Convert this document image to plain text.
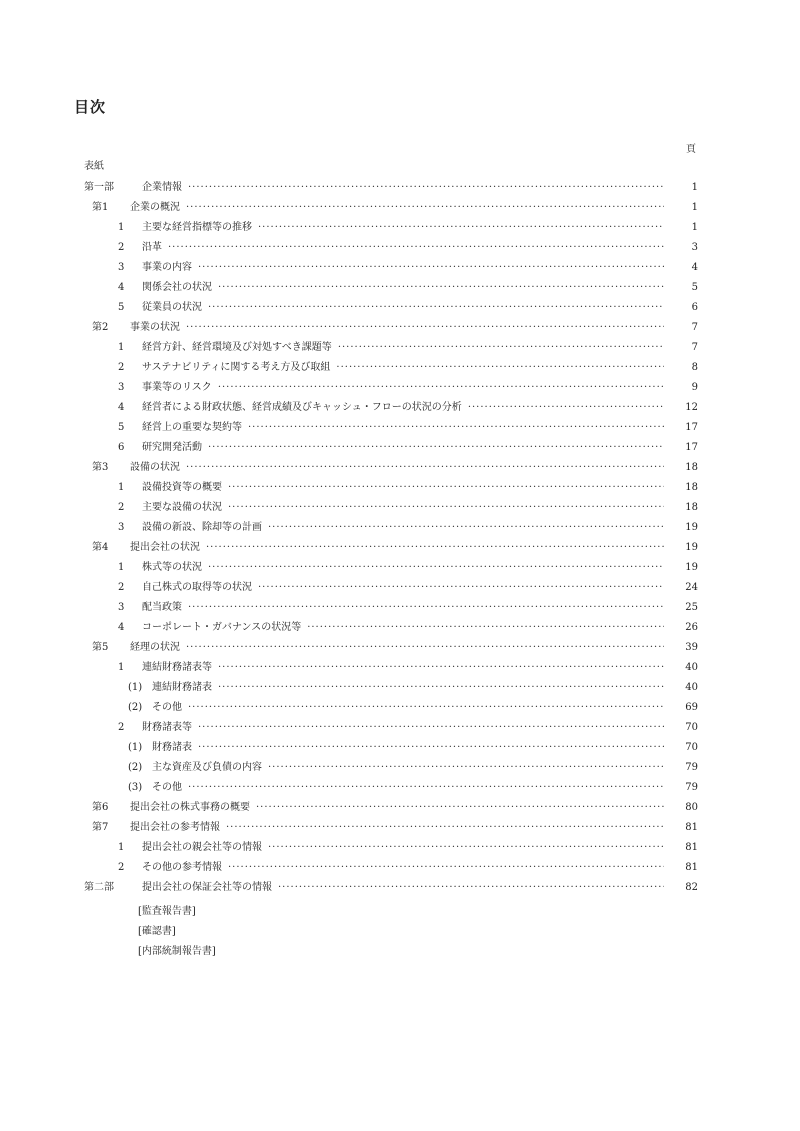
目次
頁
表紙
第一部	企業情報 ·····	1
第1	企業の概況 ·····	1
1	主要な経営指標等の推移 ·····	1
2	沿革 ·····	3
3	事業の内容 ·····	4
4	関係会社の状況 ·····	5
5	従業員の状況 ·····	6
第2	事業の状況 ·····	7
1	経営方針、経営環境及び対処すべき課題等 ·····	7
2	サステナビリティに関する考え方及び取組 ·····	8
3	事業等のリスク ·····	9
4	経営者による財政状態、経営成績及びキャッシュ・フローの状況の分析 ·····	12
5	経営上の重要な契約等 ·····	17
6	研究開発活動 ·····	17
第3	設備の状況 ·····	18
1	設備投資等の概要 ·····	18
2	主要な設備の状況 ·····	18
3	設備の新設、除却等の計画 ·····	19
第4	提出会社の状況 ·····	19
1	株式等の状況 ·····	19
2	自己株式の取得等の状況 ·····	24
3	配当政策 ·····	25
4	コーポレート・ガバナンスの状況等 ·····	26
第5	経理の状況 ·····	39
1	連結財務諸表等 ·····	40
(1) 連結財務諸表 ·····	40
(2) その他 ·····	69
2	財務諸表等 ·····	70
(1) 財務諸表 ·····	70
(2) 主な資産及び負債の内容 ·····	79
(3) その他 ·····	79
第6	提出会社の株式事務の概要 ·····	80
第7	提出会社の参考情報 ·····	81
1	提出会社の親会社等の情報 ·····	81
2	その他の参考情報 ·····	81
第二部	提出会社の保証会社等の情報 ·····	82
[監査報告書]
[確認書]
[内部統制報告書]
